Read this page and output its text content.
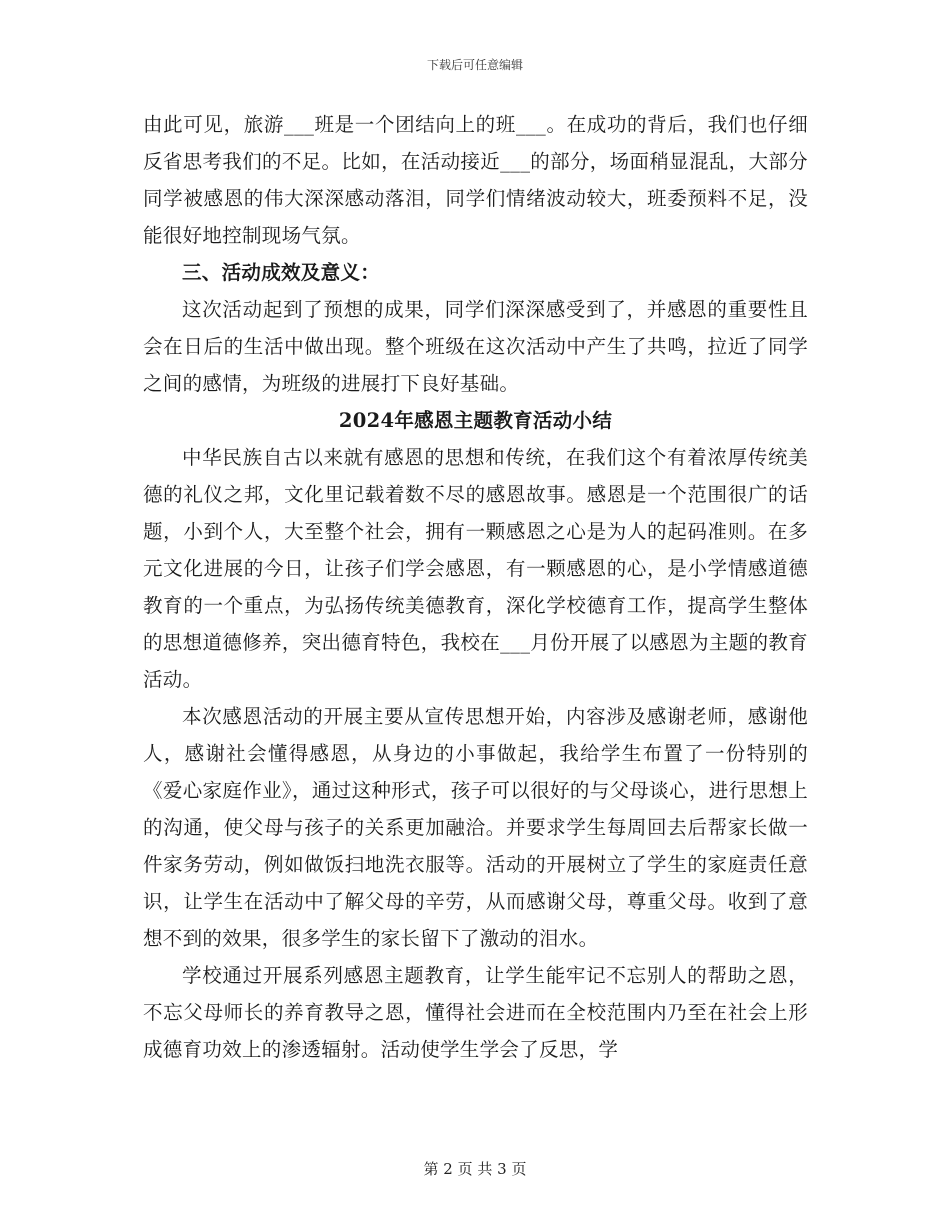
下载后可任意编辑

由此可见，旅游___班是一个团结向上的班___。在成功的背后，我们也仔细反省思考我们的不足。比如，在活动接近___的部分，场面稍显混乱，大部分同学被感恩的伟大深深感动落泪，同学们情绪波动较大，班委预料不足，没能很好地控制现场气氛。

三、活动成效及意义：

这次活动起到了预想的成果，同学们深深感受到了，并感恩的重要性且会在日后的生活中做出现。整个班级在这次活动中产生了共鸣，拉近了同学之间的感情，为班级的进展打下良好基础。

2024年感恩主题教育活动小结

中华民族自古以来就有感恩的思想和传统，在我们这个有着浓厚传统美德的礼仪之邦，文化里记载着数不尽的感恩故事。感恩是一个范围很广的话题，小到个人，大至整个社会，拥有一颗感恩之心是为人的起码准则。在多元文化进展的今日，让孩子们学会感恩，有一颗感恩的心，是小学情感道德教育的一个重点，为弘扬传统美德教育，深化学校德育工作，提高学生整体的思想道德修养，突出德育特色，我校在___月份开展了以感恩为主题的教育活动。

本次感恩活动的开展主要从宣传思想开始，内容涉及感谢老师，感谢他人，感谢社会懂得感恩，从身边的小事做起，我给学生布置了一份特别的《爱心家庭作业》，通过这种形式，孩子可以很好的与父母谈心，进行思想上的沟通，使父母与孩子的关系更加融洽。并要求学生每周回去后帮家长做一件家务劳动，例如做饭扫地洗衣服等。活动的开展树立了学生的家庭责任意识，让学生在活动中了解父母的辛劳，从而感谢父母，尊重父母。收到了意想不到的效果，很多学生的家长留下了激动的泪水。

学校通过开展系列感恩主题教育，让学生能牢记不忘别人的帮助之恩，不忘父母师长的养育教导之恩，懂得社会进而在全校范围内乃至在社会上形成德育功效上的渗透辐射。活动使学生学会了反思，学

第 2 页 共 3 页
